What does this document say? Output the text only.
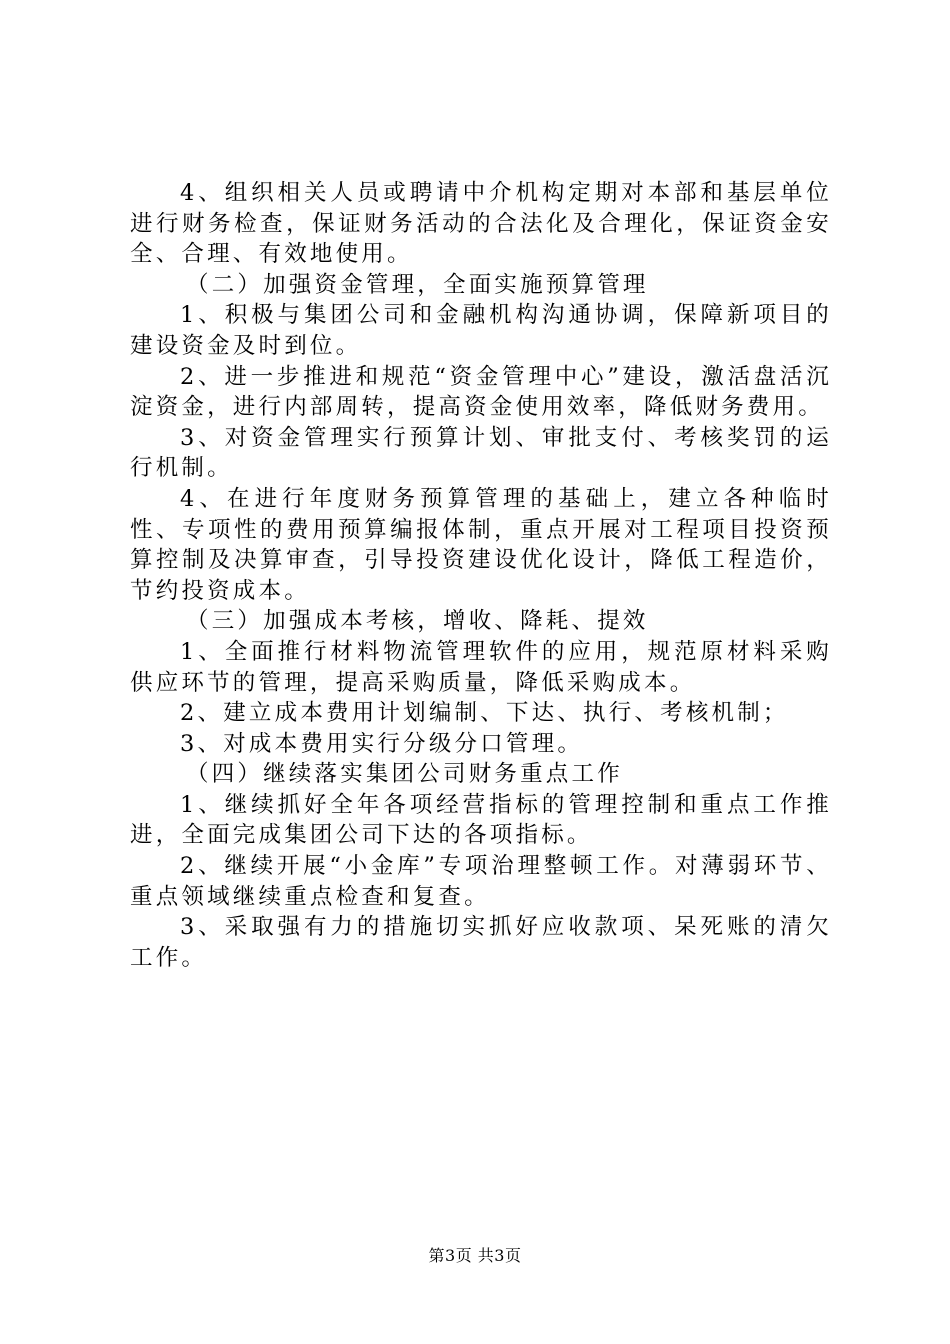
4、组织相关人员或聘请中介机构定期对本部和基层单位进行财务检查，保证财务活动的合法化及合理化，保证资金安全、合理、有效地使用。

（二）加强资金管理，全面实施预算管理

1、积极与集团公司和金融机构沟通协调，保障新项目的建设资金及时到位。

2、进一步推进和规范“资金管理中心”建设，激活盘活沉淀资金，进行内部周转，提高资金使用效率，降低财务费用。

3、对资金管理实行预算计划、审批支付、考核奖罚的运行机制。

4、在进行年度财务预算管理的基础上，建立各种临时性、专项性的费用预算编报体制，重点开展对工程项目投资预算控制及决算审查，引导投资建设优化设计，降低工程造价，节约投资成本。

（三）加强成本考核，增收、降耗、提效

1、全面推行材料物流管理软件的应用，规范原材料采购供应环节的管理，提高采购质量，降低采购成本。

2、建立成本费用计划编制、下达、执行、考核机制；

3、对成本费用实行分级分口管理。

（四）继续落实集团公司财务重点工作

1、继续抓好全年各项经营指标的管理控制和重点工作推进，全面完成集团公司下达的各项指标。

2、继续开展“小金库”专项治理整顿工作。对薄弱环节、重点领域继续重点检查和复查。

3、采取强有力的措施切实抓好应收款项、呆死账的清欠工作。

第3页 共3页
